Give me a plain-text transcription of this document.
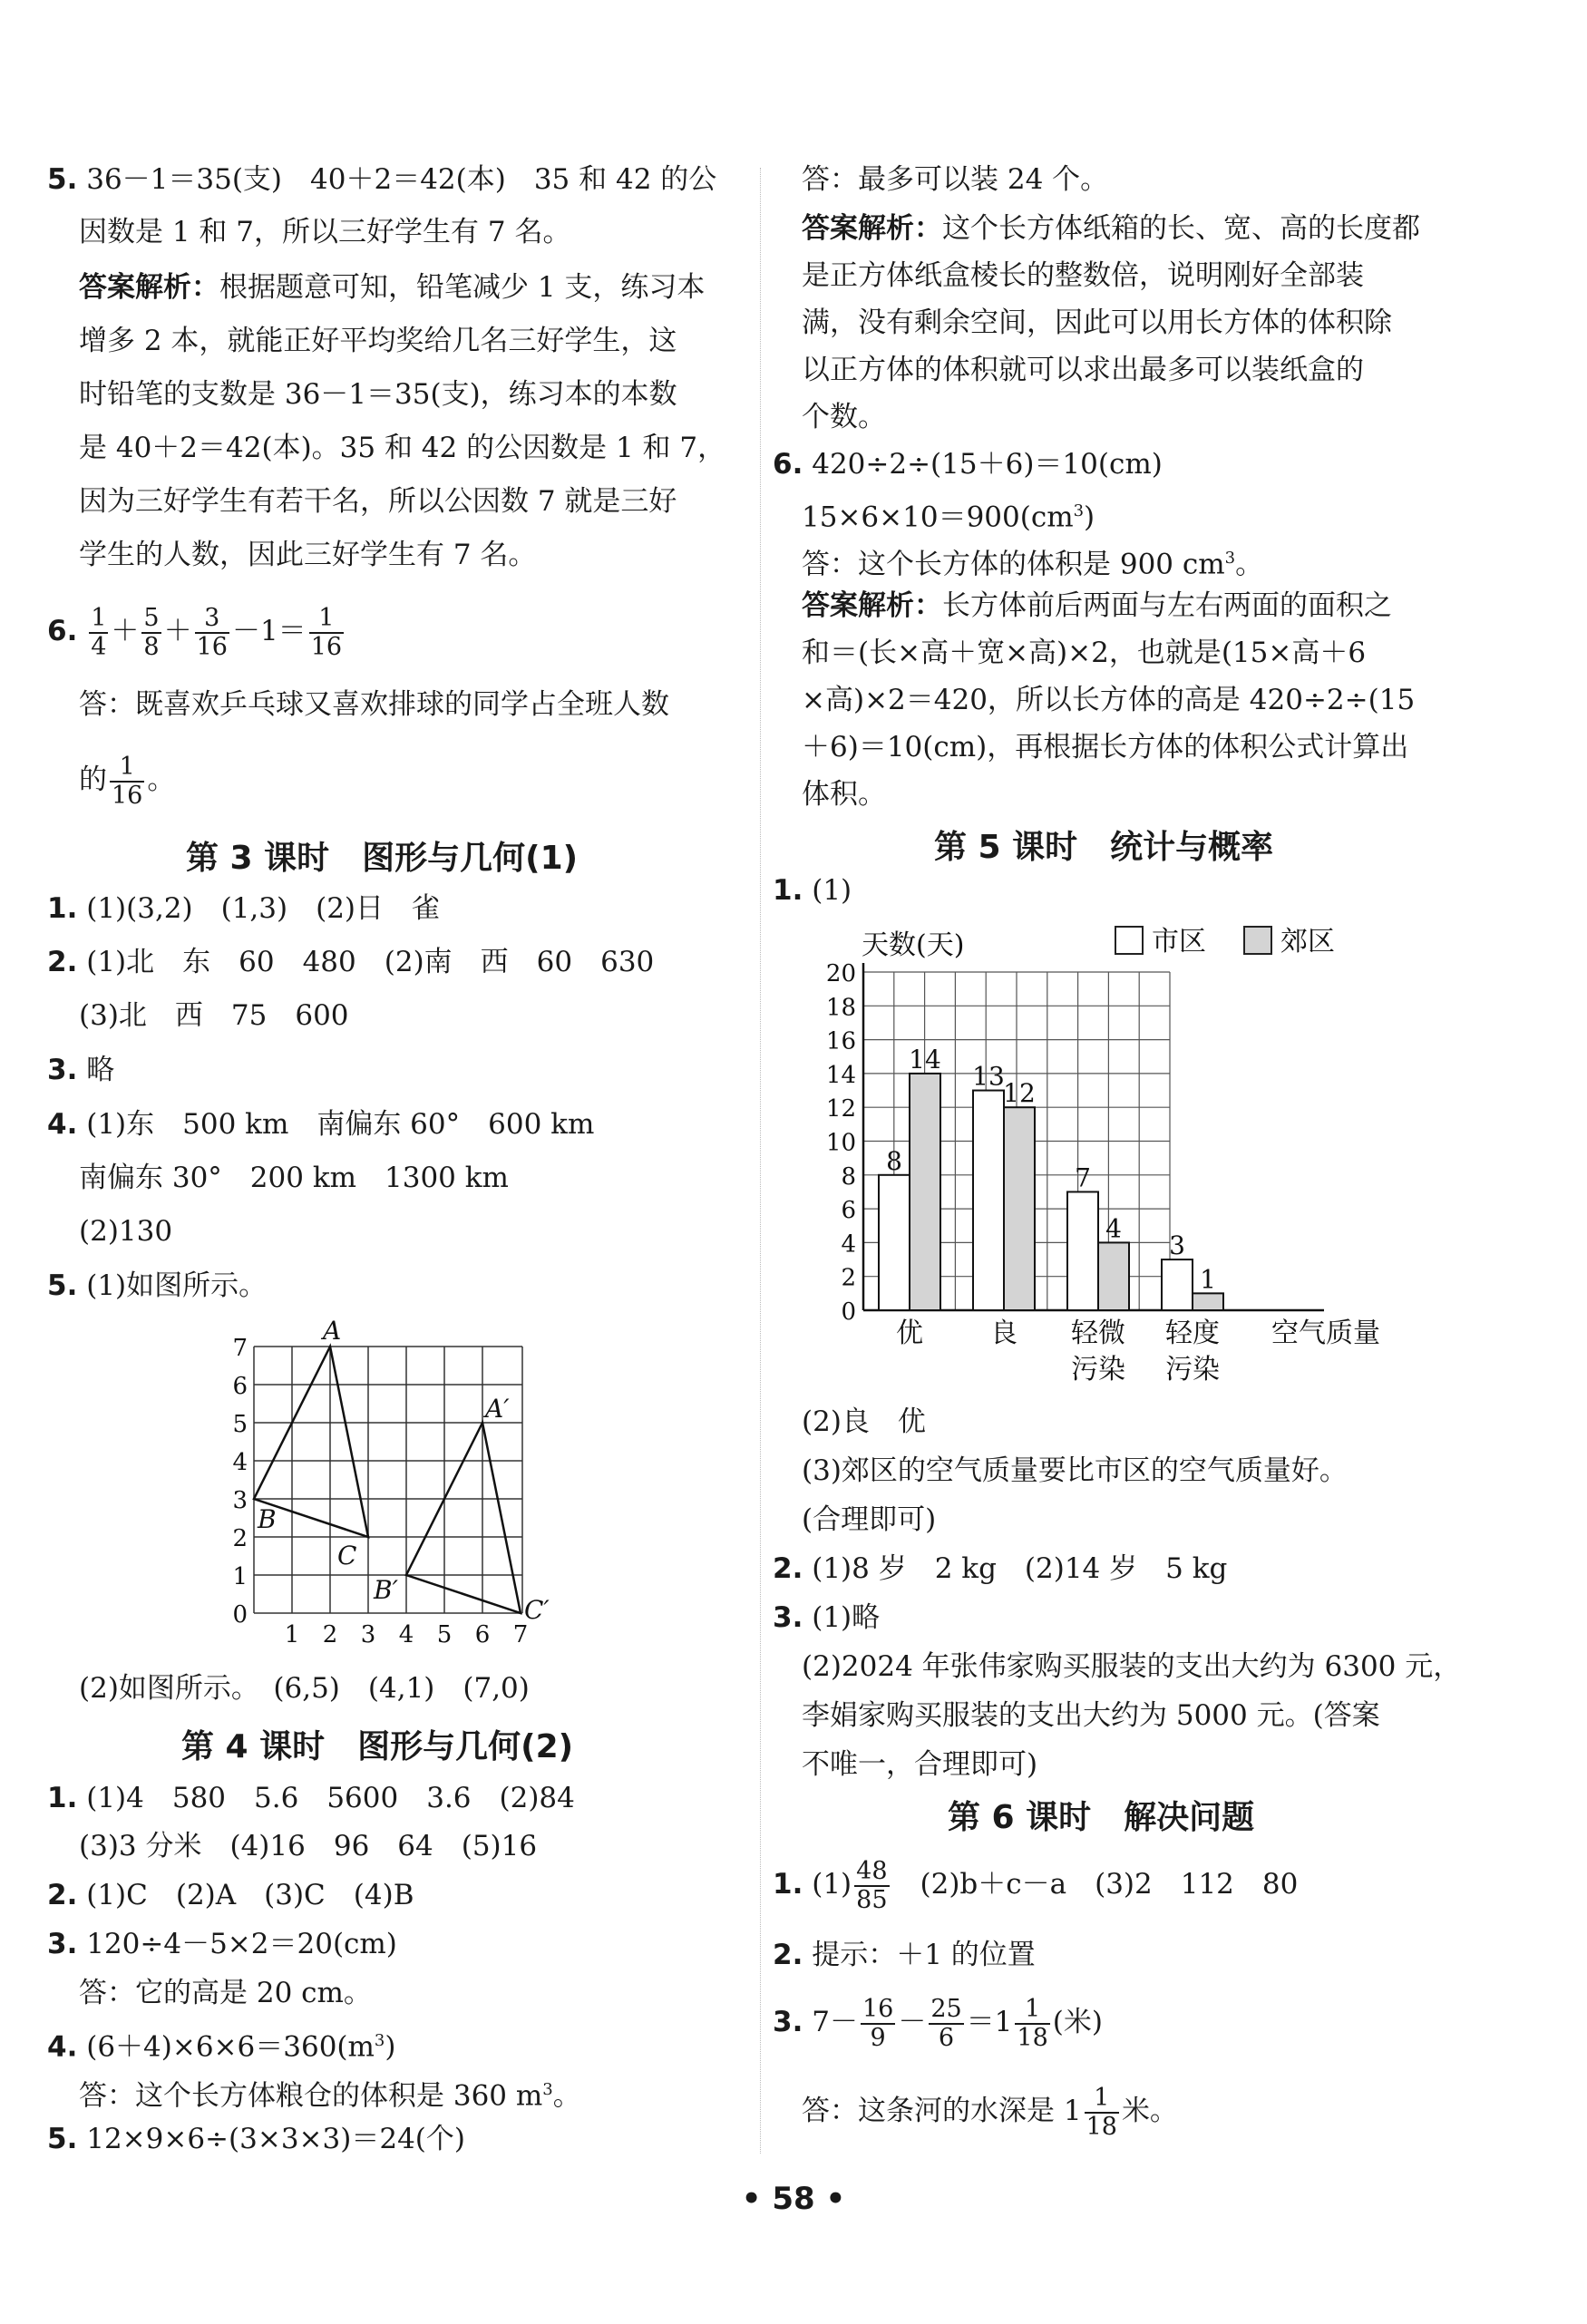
5. 36－1＝35(支)　40＋2＝42(本)　35 和 42 的公
因数是 1 和 7，所以三好学生有 7 名。
答案解析：根据题意可知，铅笔减少 1 支，练习本
增多 2 本，就能正好平均奖给几名三好学生，这
时铅笔的支数是 36－1＝35(支)，练习本的本数
是 40＋2＝42(本)。35 和 42 的公因数是 1 和 7，
因为三好学生有若干名，所以公因数 7 就是三好
学生的人数，因此三好学生有 7 名。
6. $\frac{1}{4} + \frac{5}{8} + \frac{3}{16} -1= \frac{1}{16}$
答：既喜欢乒乓球又喜欢排球的同学占全班人数
的 $\frac{1}{16}$ 。
第 3 课时　图形与几何(1)
1. (1)(3,2)　(1,3)　(2)日　雀
2. (1)北　东　60　480　(2)南　西　60　630
(3)北　西　75　600
3. 略
4. (1)东　500 km　南偏东 60°　600 km
南偏东 30°　200 km　1300 km
(2)130
5. (1)如图所示。
0
1
2
3
4
5
6
7
1 2 3 4 5 6 7
A
B
C
A′
B′
C′
(2)如图所示。　(6,5)　(4,1)　(7,0)
第 4 课时　图形与几何(2)
1. (1)4　580　5.6　5600　3.6　(2)84
(3)3 分米　(4)16　96　64　(5)16
2. (1)C　(2)A　(3)C　(4)B
3. 120÷4－5×2＝20(cm)
答：它的高是 20 cm。
4. $(6+4)\times 6\times 6=360(m^3)$
答：这个长方体粮仓的体积是 360 $m^3$。
5. 12×9×6÷(3×3×3)＝24(个)
答：最多可以装 24 个。
答案解析：这个长方体纸箱的长、宽、高的长度都
是正方体纸盒棱长的整数倍，说明刚好全部装
满，没有剩余空间，因此可以用长方体的体积除
以正方体的体积就可以求出最多可以装纸盒的
个数。
6. 420÷2÷(15＋6)＝10(cm)
$15\times 6\times 10=900(cm^3)$
答：这个长方体的体积是 900 $cm^3$。
答案解析：长方体前后两面与左右两面的面积之
和＝(长×高＋宽×高)×2，也就是(15×高＋6
×高)×2＝420，所以长方体的高是 420÷2÷(15
＋6)＝10(cm)，再根据长方体的体积公式计算出
体积。
第 5 课时　统计与概率
1. (1)
天数(天)	市区	郊区
0
2
4
6
8
10
12
14
16
18
20
8
14
13
12
7
4
3
1
优 良 轻微
污染
轻度
污染
空气质量
(2)良　优
(3)郊区的空气质量要比市区的空气质量好。
(合理即可)
2. (1)8 岁　2 kg　(2)14 岁　5 kg
3. (1)略
(2)2024 年张伟家购买服装的支出大约为 6300 元，
李娟家购买服装的支出大约为 5000 元。(答案
不唯一，合理即可)
第 6 课时　解决问题
1. $(1) \frac{48}{85}$
　 (2)b＋c－a　(3)2　112　80
2. 提示：＋1 的位置
3. $7- \frac{16}{9} - \frac{25}{6} =1 \frac{1}{18}$ (米)
答：这条河的水深是 $1 \frac{1}{18}$ 米。
• 58 •
